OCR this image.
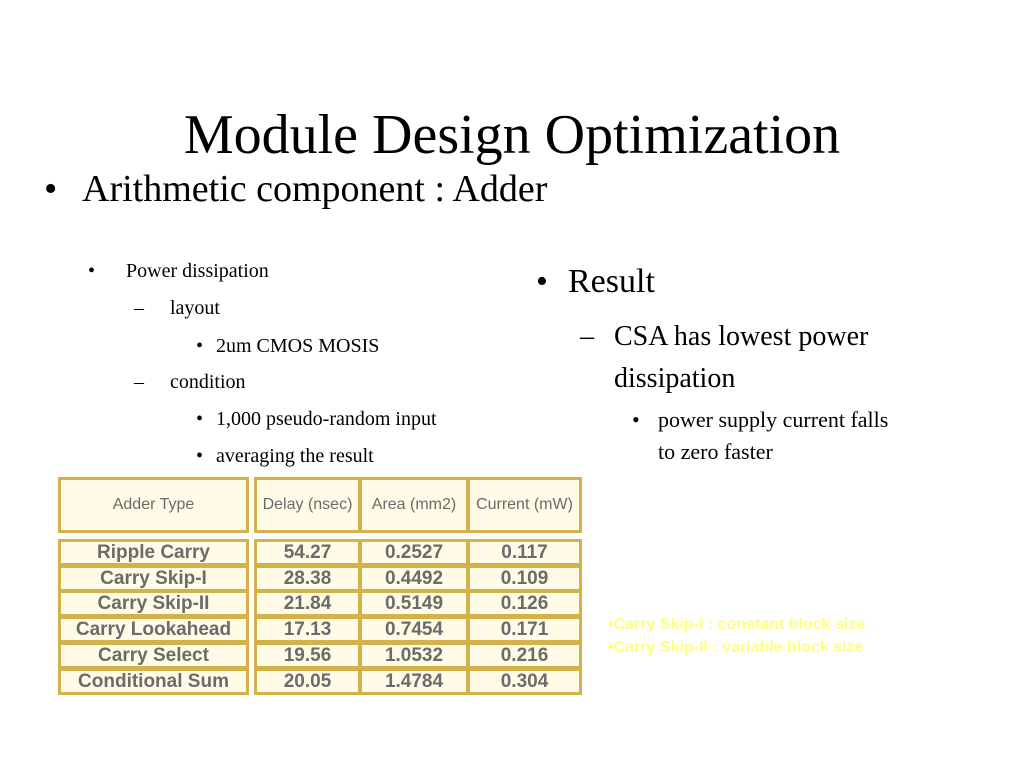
Module Design Optimization
• Arithmetic component : Adder
• Power dissipation
– layout
• 2um CMOS MOSIS
– condition
• 1,000 pseudo-random input
• averaging the result
• Result
– CSA has lowest power dissipation
• power supply current falls to zero faster
Adder Type	Delay (nsec)	Area (mm2)	Current (mW)
Ripple Carry	54.27	0.2527	0.117
Carry Skip-I	28.38	0.4492	0.109
Carry Skip-II	21.84	0.5149	0.126
Carry Lookahead	17.13	0.7454	0.171
Carry Select	19.56	1.0532	0.216
Conditional Sum	20.05	1.4784	0.304
•Carry Skip-I : constant block size
•Carry Skip-II : variable block size
